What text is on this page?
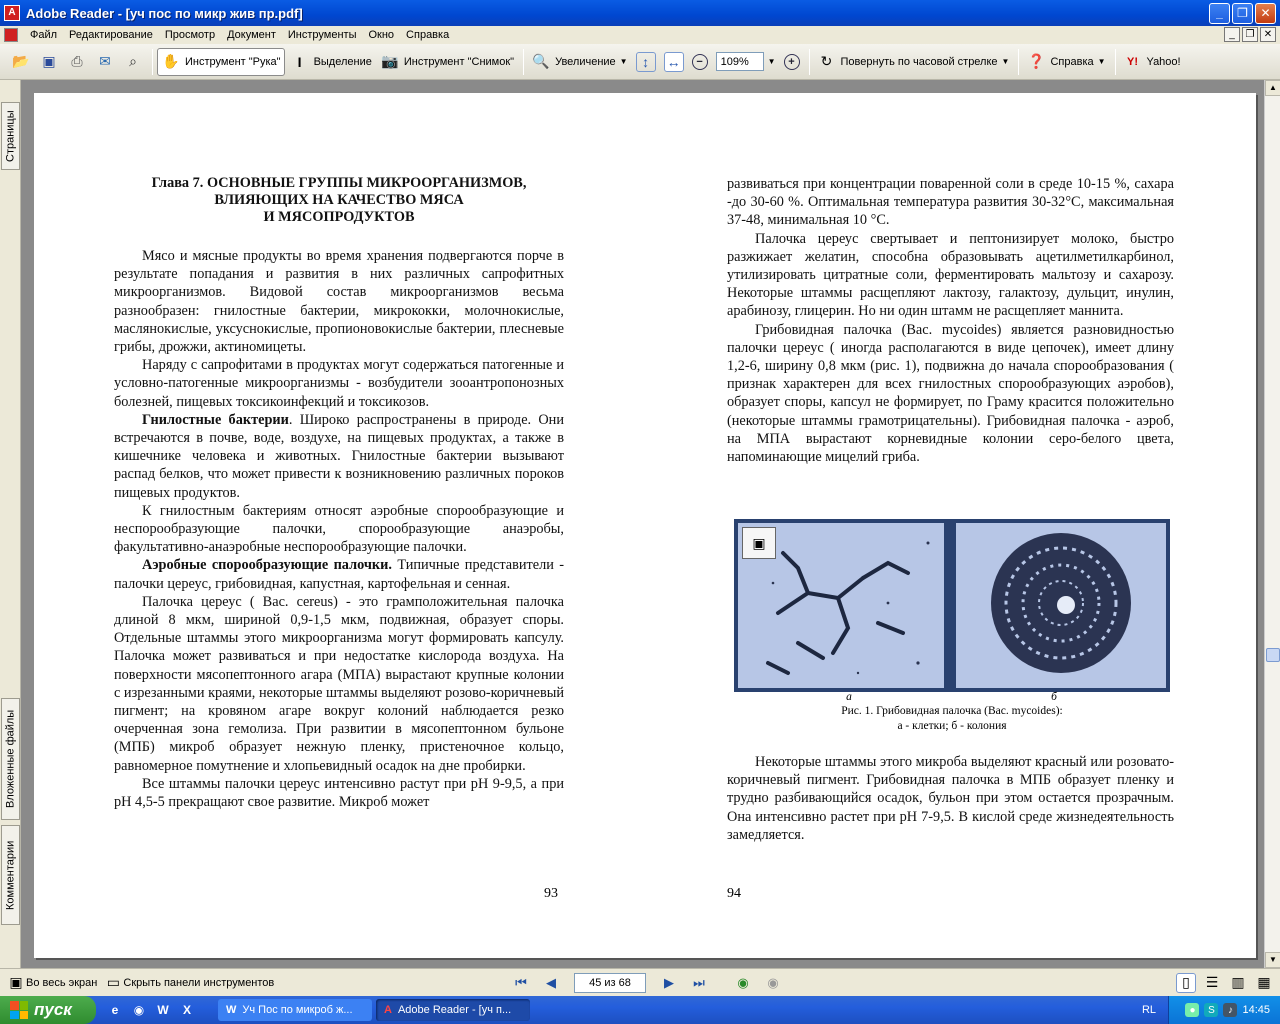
A Adobe Reader - [уч пос по микр жив пр.pdf]	_	❐	✕
Файл	Редактирование	Просмотр	Документ	Инструменты	Окно	Справка	_	❐ ✕
📂 ▣	⎙	✉	⌕	✋ Инструмент "Рука"	I	Выделение 📷 Инструмент "Снимок" 🔍 Увеличение ▼	↕	↔	−
109%	▼	+	↻ Повернуть по часовой стрелке ▼ ❓ Справка ▼	Y! Yahoo!
Страницы
Вложенные файлы
Комментарии
Глава 7. ОСНОВНЫЕ ГРУППЫ МИКРООРГАНИЗМОВ,
ВЛИЯЮЩИХ НА КАЧЕСТВО МЯСА
И МЯСОПРОДУКТОВ

Мясо и мясные продукты во время хранения подвергаются порче в результате попадания и развития в них различных сапрофитных микроорганизмов. Видовой состав микроорганизмов весьма разнообразен: гнилостные бактерии, микрококки, молочнокислые, маслянокислые, уксуснокислые, пропионовокислые бактерии, плесневые грибы, дрожжи, актиномицеты.

Наряду с сапрофитами в продуктах могут содержаться патогенные и условно-патогенные микроорганизмы - возбудители зооантропонозных болезней, пищевых токсикоинфекций и токсикозов.

Гнилостные бактерии. Широко распространены в природе. Они встречаются в почве, воде, воздухе, на пищевых продуктах, а также в кишечнике человека и животных. Гнилостные бактерии вызывают распад белков, что может привести к возникновению различных пороков пищевых продуктов.

К гнилостным бактериям относят аэробные спорообразующие и неспорообразующие палочки, спорообразующие анаэробы, факультативно-анаэробные неспорообразующие палочки.

Аэробные спорообразующие палочки. Типичные представители - палочки цереус, грибовидная, капустная, картофельная и сенная.

Палочка цереус ( Bac. cereus) - это грамположительная палочка длиной 8 мкм, шириной 0,9-1,5 мкм, подвижная, образует споры. Отдельные штаммы этого микроорганизма могут формировать капсулу. Палочка может развиваться и при недостатке кислорода воздуха. На поверхности мясопептонного агара (МПА) вырастают крупные колонии с изрезанными краями, некоторые штаммы выделяют розово-коричневый пигмент; на кровяном агаре вокруг колоний наблюдается резко очерченная зона гемолиза. При развитии в мясопептонном бульоне (МПБ) микроб образует нежную пленку, пристеночное кольцо, равномерное помутнение и хлопьевидный осадок на дне пробирки.

Все штаммы палочки цереус интенсивно растут при рН 9-9,5, а при рН 4,5-5 прекращают свое развитие. Микроб может

93

развиваться при концентрации поваренной соли в среде 10-15 %, сахара -до 30-60 %. Оптимальная температура развития 30-32°С, максимальная 37-48, минимальная 10 °С.

Палочка цереус свертывает и пептонизирует молоко, быстро разжижает желатин, способна образовывать ацетилметилкарбинол, утилизировать цитратные соли, ферментировать мальтозу и сахарозу. Некоторые штаммы расщепляют лактозу, галактозу, дульцит, инулин, арабинозу, глицерин. Но ни один штамм не расщепляет маннита.

Грибовидная палочка (Bac. mycoides) является разновидностью палочки цереус ( иногда располагаются в виде цепочек), имеет длину 1,2-6, ширину 0,8 мкм (рис. 1), подвижна до начала спорообразования ( признак характерен для всех гнилостных спорообразующих аэробов), образует споры, капсул не формирует, по Граму красится положительно (некоторые штаммы грамотрицательны). Грибовидная палочка - аэроб, на МПА вырастают корневидные колонии серо-белого цвета, напоминающие мицелий гриба.

▣
а	б
Рис. 1. Грибовидная палочка (Bac. mycoides):
а - клетки; б - колония

Некоторые штаммы этого микроба выделяют красный или розовато-коричневый пигмент. Грибовидная палочка в МПБ образует пленку и трудно разбивающийся осадок, бульон при этом остается прозрачным. Она интенсивно растет при рН 7-9,5. В кислой среде жизнедеятельность замедляется.

94
▲
▼
▣ Во весь экран ▭ Скрыть панели инструментов	⏮	◀
45 из 68	▶	⏭ ◉ ◉	▯	☰ ▥ ▦
пуск	e	◉	W	X	W Уч Пос по микроб ж...	A Adobe Reader - [уч п...	RL	●	S	♪ 14:45
